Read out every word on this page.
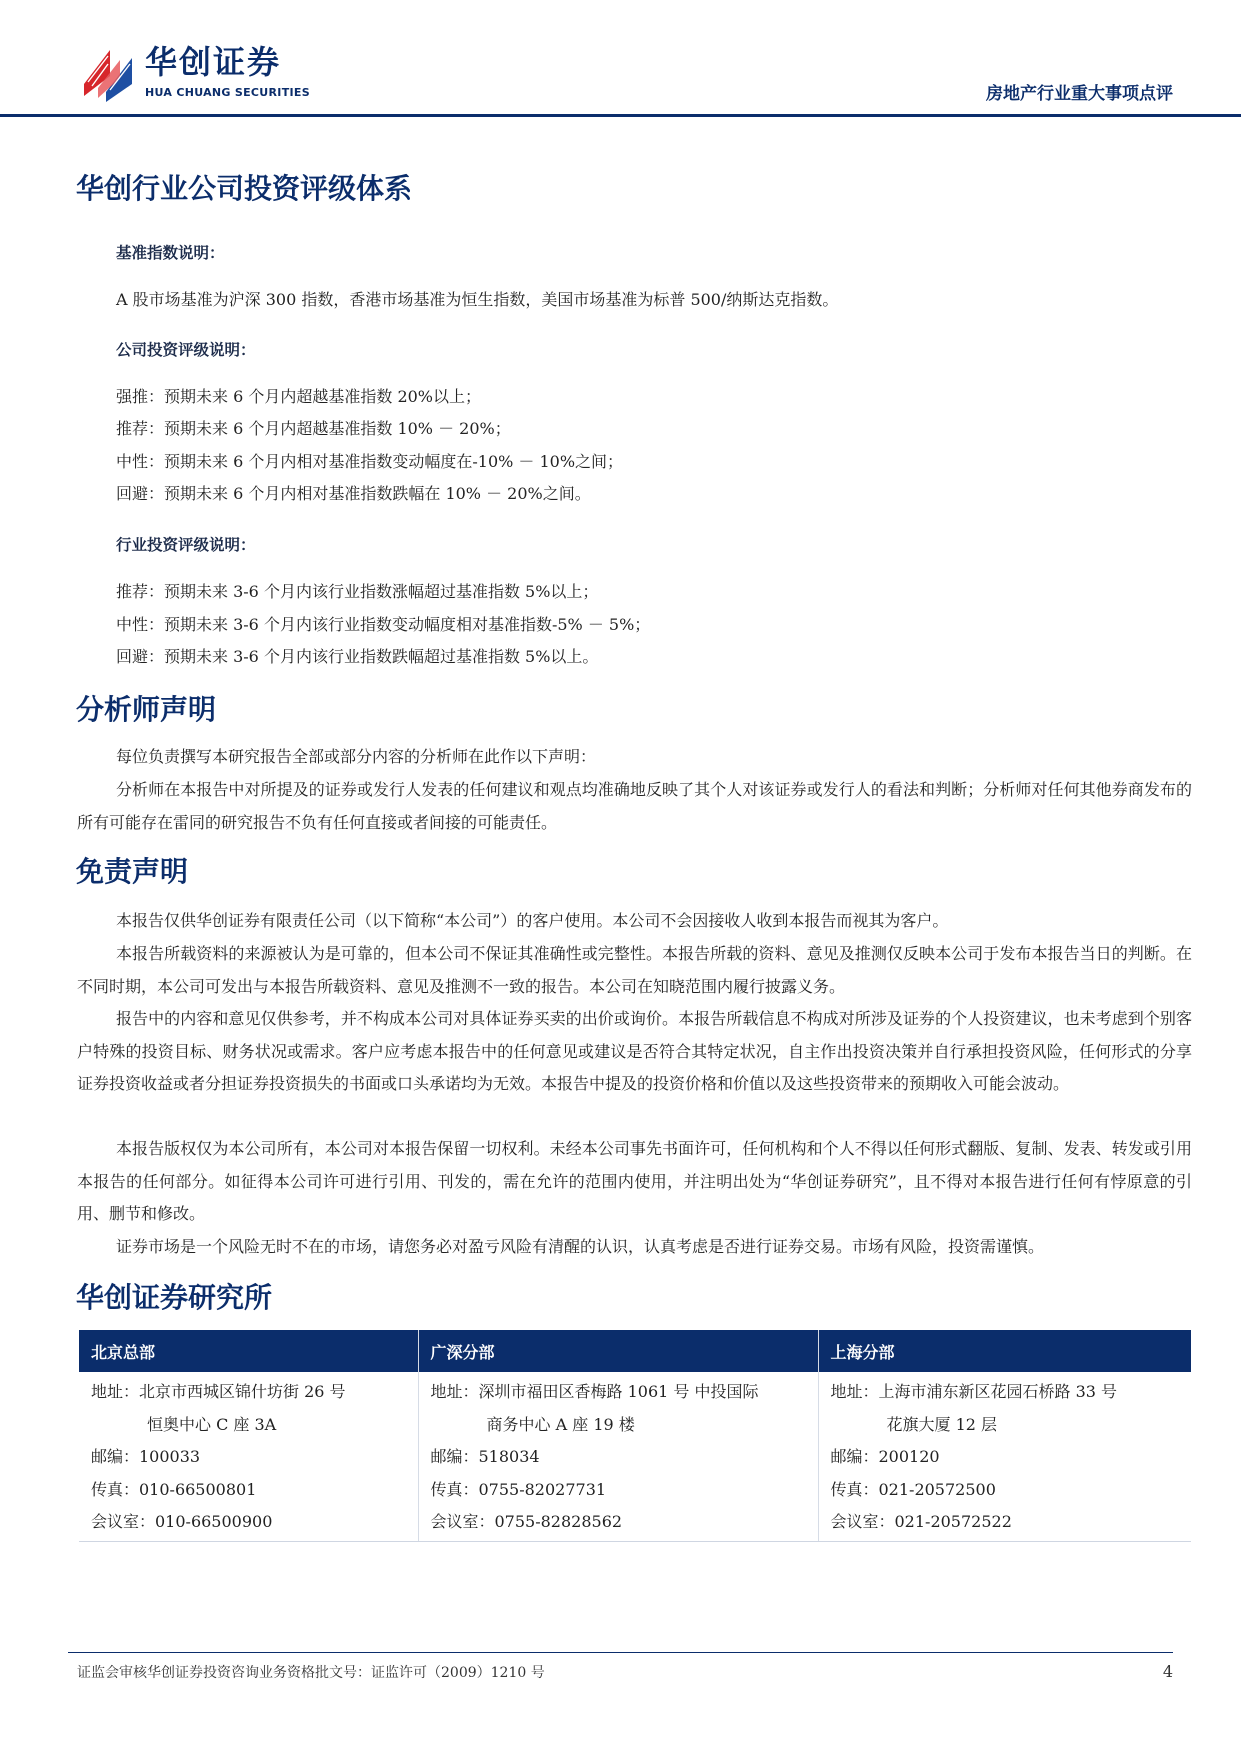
华创证券
HUA CHUANG SECURITIES	房地产行业重大事项点评
华创行业公司投资评级体系
基准指数说明：
A 股市场基准为沪深 300 指数，香港市场基准为恒生指数，美国市场基准为标普 500/纳斯达克指数。
公司投资评级说明：
强推：预期未来 6 个月内超越基准指数 20%以上；
推荐：预期未来 6 个月内超越基准指数 10% － 20%；
中性：预期未来 6 个月内相对基准指数变动幅度在-10% － 10%之间；
回避：预期未来 6 个月内相对基准指数跌幅在 10% － 20%之间。
行业投资评级说明：
推荐：预期未来 3-6 个月内该行业指数涨幅超过基准指数 5%以上；
中性：预期未来 3-6 个月内该行业指数变动幅度相对基准指数-5% － 5%；
回避：预期未来 3-6 个月内该行业指数跌幅超过基准指数 5%以上。
分析师声明

每位负责撰写本研究报告全部或部分内容的分析师在此作以下声明：

分析师在本报告中对所提及的证券或发行人发表的任何建议和观点均准确地反映了其个人对该证券或发行人的看法和判断；分析师对任何其他券商发布的所有可能存在雷同的研究报告不负有任何直接或者间接的可能责任。

免责声明

本报告仅供华创证券有限责任公司（以下简称“本公司”）的客户使用。本公司不会因接收人收到本报告而视其为客户。

本报告所载资料的来源被认为是可靠的，但本公司不保证其准确性或完整性。本报告所载的资料、意见及推测仅反映本公司于发布本报告当日的判断。在不同时期，本公司可发出与本报告所载资料、意见及推测不一致的报告。本公司在知晓范围内履行披露义务。

报告中的内容和意见仅供参考，并不构成本公司对具体证券买卖的出价或询价。本报告所载信息不构成对所涉及证券的个人投资建议，也未考虑到个别客户特殊的投资目标、财务状况或需求。客户应考虑本报告中的任何意见或建议是否符合其特定状况，自主作出投资决策并自行承担投资风险，任何形式的分享证券投资收益或者分担证券投资损失的书面或口头承诺均为无效。本报告中提及的投资价格和价值以及这些投资带来的预期收入可能会波动。

本报告版权仅为本公司所有，本公司对本报告保留一切权利。未经本公司事先书面许可，任何机构和个人不得以任何形式翻版、复制、发表、转发或引用本报告的任何部分。如征得本公司许可进行引用、刊发的，需在允许的范围内使用，并注明出处为“华创证券研究”，且不得对本报告进行任何有悖原意的引用、删节和修改。

证券市场是一个风险无时不在的市场，请您务必对盈亏风险有清醒的认识，认真考虑是否进行证券交易。市场有风险，投资需谨慎。

华创证券研究所
北京总部	广深分部	上海分部

地址：北京市西城区锦什坊街 26 号
恒奥中心 C 座 3A
邮编：100033
传真：010-66500801
会议室：010-66500900	地址：深圳市福田区香梅路 1061 号 中投国际
商务中心 A 座 19 楼
邮编：518034
传真：0755-82027731
会议室：0755-82828562	地址：上海市浦东新区花园石桥路 33 号
花旗大厦 12 层
邮编：200120
传真：021-20572500
会议室：021-20572522
证监会审核华创证券投资咨询业务资格批文号：证监许可（2009）1210 号	4
